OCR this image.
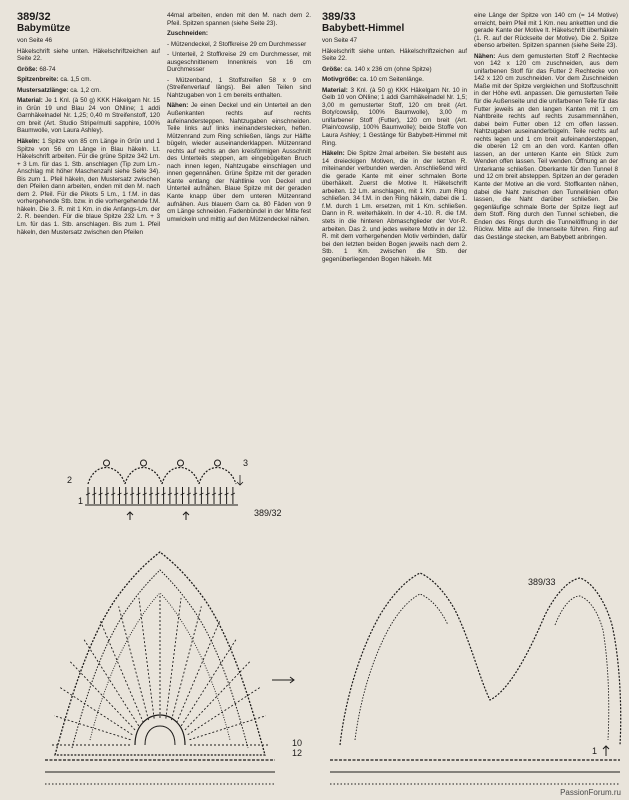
389/32
Babymütze

von Seite 46

Häkelschrift siehe unten. Häkelschriftzeichen auf Seite 22.

Größe: 68-74

Spitzenbreite: ca. 1,5 cm.

Mustersatzlänge: ca. 1,2 cm.

Material: Je 1 Knl. (à 50 g) KKK Häkelgarn Nr. 15 in Grün 19 und Blau 24 von ONline; 1 addi Garnhäkelnadel Nr. 1,25; 0,40 m Streifenstoff, 120 cm breit (Art. Studio Stripe/multi sapphire, 100% Baumwolle, von Laura Ashley).

Häkeln: 1 Spitze von 85 cm Länge in Grün und 1 Spitze von 56 cm Länge in Blau häkeln. Lt. Häkelschrift arbeiten. Für die grüne Spitze 342 Lm. + 3 Lm. für das 1. Stb. anschlagen (Tip zum Lm.-Anschlag mit höher Maschenzahl siehe Seite 34). Bis zum 1. Pfeil häkeln, den Mustersatz zwischen den Pfeilen dann arbeiten, enden mit den M. nach dem 2. Pfeil. Für die Pikots 5 Lm., 1 f.M. in das vorhergehende Stb. bzw. in die vorhergehende f.M. häkeln. Die 3. R. mit 1 Km. in die Anfangs-Lm. der 2. R. beenden. Für die blaue Spitze 232 Lm. + 3 Lm. für das 1. Stb. anschlagen. Bis zum 1. Pfeil häkeln, den Mustersatz zwischen den Pfeilen

44mal arbeiten, enden mit den M. nach dem 2. Pfeil. Spitzen spannen (siehe Seite 23).

Zuschneiden:

- Mützendeckel, 2 Stoffkreise 29 cm Durchmesser

- Unterteil, 2 Stoffkreise 29 cm Durchmesser, mit ausgeschnittenem Innenkreis von 16 cm Durchmesser

- Mützenband, 1 Stoffstreifen 58 x 9 cm (Streifenverlauf längs). Bei allen Teilen sind Nahtzugaben von 1 cm bereits enthalten.

Nähen: Je einen Deckel und ein Unterteil an den Außenkanten rechts auf rechts aufeinandersteppen. Nahtzugaben einschneiden. Teile links auf links ineinanderstecken, heften. Mützenrand zum Ring schließen, längs zur Hälfte bügeln, wieder auseinanderklappen. Mützenrand rechts auf rechts an den kreisförmigen Ausschnitt des Unterteils steppen, am eingebügelten Bruch nach innen legen, Nahtzugabe einschlagen und innen gegennähen. Grüne Spitze mit der geraden Kante entlang der Nahtlinie von Deckel und Unterteil aufnähen. Blaue Spitze mit der geraden Kante knapp über dem unteren Mützenrand aufnähen. Aus blauem Garn ca. 80 Fäden von 9 cm Länge schneiden. Fadenbündel in der Mitte fest umwickeln und mittig auf den Mützendeckel nähen.

389/33
Babybett-Himmel

von Seite 47

Häkelschrift siehe unten. Häkelschriftzeichen auf Seite 22.

Größe: ca. 140 x 236 cm (ohne Spitze)

Motivgröße: ca. 10 cm Seitenlänge.

Material: 3 Knl. (à 50 g) KKK Häkelgarn Nr. 10 in Gelb 10 von ONline; 1 addi Garnhäkelnadel Nr. 1,5; 3,00 m gemusterter Stoff, 120 cm breit (Art. Boty/cowslip, 100% Baumwolle), 3,00 m unifarbener Stoff (Futter), 120 cm breit (Art. Plain/cowslip, 100% Baumwolle); beide Stoffe von Laura Ashley; 1 Gestänge für Babybett-Himmel mit Ring.

Häkeln: Die Spitze 2mal arbeiten. Sie besteht aus 14 dreieckigen Motiven, die in der letzten R. miteinander verbunden werden. Anschließend wird die gerade Kante mit einer schmalen Borte überhäkelt. Zuerst die Motive lt. Häkelschrift arbeiten. 12 Lm. anschlagen, mit 1 Km. zum Ring schließen. 34 f.M. in den Ring häkeln, dabei die 1. f.M. durch 1 Lm. ersetzen, mit 1 Km. schließen. Dann in R. weiterhäkeln. In der 4.-10. R. die f.M. stets in die hinteren Abmaschglieder der Vor-R. arbeiten. Das 2. und jedes weitere Motiv in der 12. R. mit dem vorhergehenden Motiv verbinden, dafür bei den letzten beiden Bogen jeweils nach dem 2. Stb. 1 Km. zwischen die Stb. der gegenüberliegenden Bogen häkeln. Mit

eine Länge der Spitze von 140 cm (= 14 Motive) erreicht, beim Pfeil mit 1 Km. neu ankettten und die gerade Kante der Motive lt. Häkelschrift überhäkeln (1. R. auf der Rückseite der Motive). Die 2. Spitze ebenso arbeiten. Spitzen spannen (siehe Seite 23).

Nähen: Aus dem gemusterten Stoff 2 Rechtecke von 142 x 120 cm zuschneiden, aus dem unifarbenen Stoff für das Futter 2 Rechtecke von 142 x 120 cm zuschneiden. Vor dem Zuschneiden Maße mit der Spitze vergleichen und Stoffzuschnitt in der Höhe evtl. anpassen. Die gemusterten Teile für die Außenseite und die unifarbenen Teile für das Futter jeweils an den langen Kanten mit 1 cm Nahtbreite rechts auf rechts zusammennähen, dabei beim Futter oben 12 cm offen lassen. Nahtzugaben auseinanderbügeln. Teile rechts auf rechts legen und 1 cm breit aufeinandersteppen, die oberen 12 cm an den vord. Kanten offen lassen, an der unteren Kante ein Stück zum Wenden offen lassen. Teil wenden. Öffnung an der Unterkante schließen. Oberkante für den Tunnel 8 und 12 cm breit absteppen. Spitzen an der geraden Kante der Motive an die vord. Stoffkanten nähen, dabei die Naht zwischen den Tunnellinien offen lassen, die Naht darüber schließen. Die gegenläufige schmale Borte der Spitze liegt auf dem Stoff. Ring durch den Tunnel schieben, die Enden des Rings durch die Tunnelöffnung in der Rückw. Mitte auf die Innenseite führen. Ring auf das Gestänge stecken, am Babybett anbringen.

389/32
389/33
1
2
3
10
12	1
PassionForum.ru
